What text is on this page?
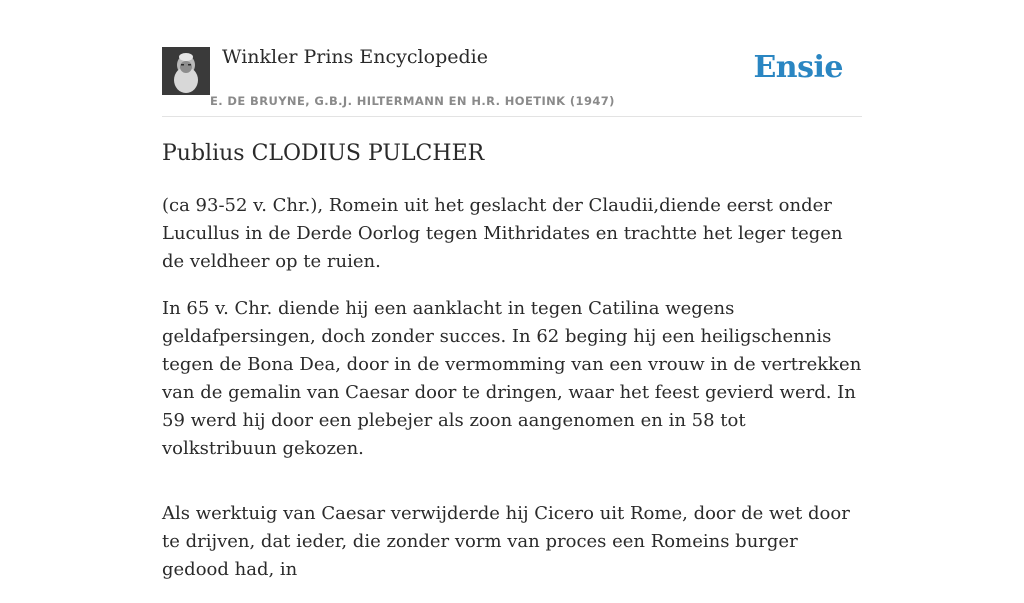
Winkler Prins Encyclopedie
E. DE BRUYNE, G.B.J. HILTERMANN EN H.R. HOETINK (1947)
Ensie
Publius CLODIUS PULCHER

(ca 93-52 v. Chr.), Romein uit het geslacht der Claudii,diende eerst onder Lucullus in de Derde Oorlog tegen Mithridates en trachtte het leger tegen de veldheer op te ruien.

In 65 v. Chr. diende hij een aanklacht in tegen Catilina wegens geldafpersingen, doch zonder succes. In 62 beging hij een heiligschennis tegen de Bona Dea, door in de vermomming van een vrouw in de vertrekken van de gemalin van Caesar door te dringen, waar het feest gevierd werd. In 59 werd hij door een plebejer als zoon aangenomen en in 58 tot volkstribuun gekozen.

Als werktuig van Caesar verwijderde hij Cicero uit Rome, door de wet door te drijven, dat ieder, die zonder vorm van proces een Romeins burger gedood had, in
